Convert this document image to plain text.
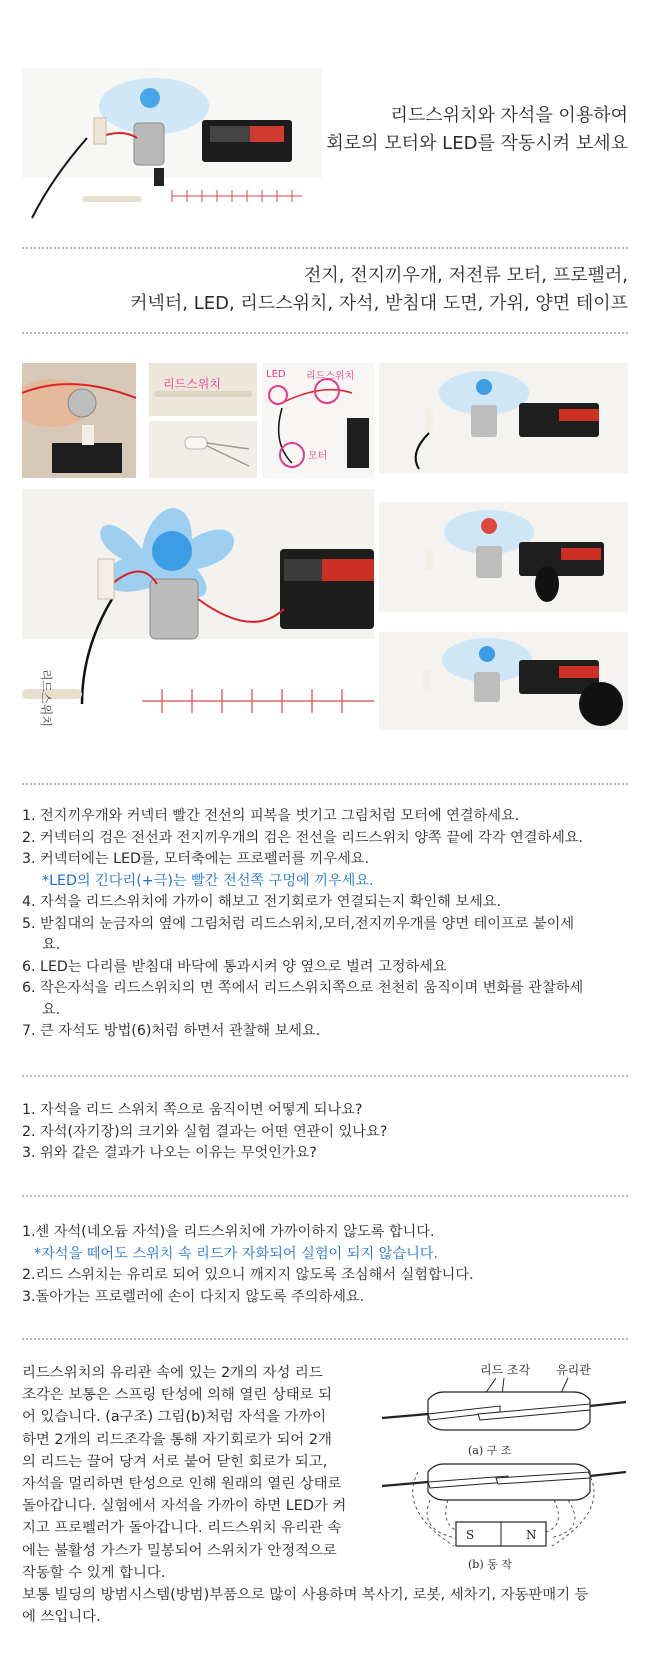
리드스위치와 자석을 이용하여
회로의 모터와 LED를 작동시켜 보세요
전지, 전지끼우개, 저전류 모터, 프로펠러,
커넥터, LED, 리드스위치, 자석, 받침대 도면, 가위, 양면 테이프
리드스위치
LED 리드스위치
모터
리드스위치
1. 전지끼우개와 커넥터 빨간 전선의 피복을 벗기고 그림처럼 모터에 연결하세요.
2. 커넥터의 검은 전선과 전지끼우개의 검은 전선을 리드스위치 양쪽 끝에 각각 연결하세요.
3. 커넥터에는 LED를, 모터축에는 프로펠러를 끼우세요.
*LED의 긴다리(+극)는 빨간 전선쪽 구멍에 끼우세요.
4. 자석을 리드스위치에 가까이 해보고 전기회로가 연결되는지 확인해 보세요.
5. 받침대의 눈금자의 옆에 그림처럼 리드스위치,모터,전지끼우개를 양면 테이프로 붙이세
요.
6. LED는 다리를 받침대 바닥에 통과시켜 양 옆으로 벌려 고정하세요
6. 작은자석을 리드스위치의 면 쪽에서 리드스위치쪽으로 천천히 움직이며 변화를 관찰하세
요.
7. 큰 자석도 방법(6)처럼 하면서 관찰해 보세요.
1. 자석을 리드 스위치 쪽으로 움직이면 어떻게 되나요?
2. 자석(자기장)의 크기와 실험 결과는 어떤 연관이 있나요?
3. 위와 같은 결과가 나오는 이유는 무엇인가요?
1.센 자석(네오듐 자석)을 리드스위치에 가까이하지 않도록 합니다.
*자석을 떼어도 스위치 속 리드가 자화되어 실험이 되지 않습니다.
2.리드 스위치는 유리로 되어 있으니 깨지지 않도록 조심해서 실험합니다.
3.돌아가는 프로렐러에 손이 다치지 않도록 주의하세요.
리드스위치의 유리관 속에 있는 2개의 자성 리드
조각은 보통은 스프링 탄성에 의해 열린 상태로 되
어 있습니다. (a구조) 그림(b)처럼 자석을 가까이
하면 2개의 리드조각을 통해 자기회로가 되어 2개
의 리드는 끌어 당겨 서로 붙어 닫힌 회로가 되고,
자석을 멀리하면 탄성으로 인해 원래의 열린 상태로
돌아갑니다. 실험에서 자석을 가까이 하면 LED가 켜
지고 프로펠러가 돌아갑니다. 리드스위치 유리관 속
에는 불활성 가스가 밀봉되어 스위치가 안정적으로
작동할 수 있게 합니다.
보통 빌딩의 방범시스템(방범)부품으로 많이 사용하며 복사기, 로봇, 세차기, 자동판매기 등
에 쓰입니다.
리드 조각 유리관
(a) 구 조
S	N
(b) 동 작
